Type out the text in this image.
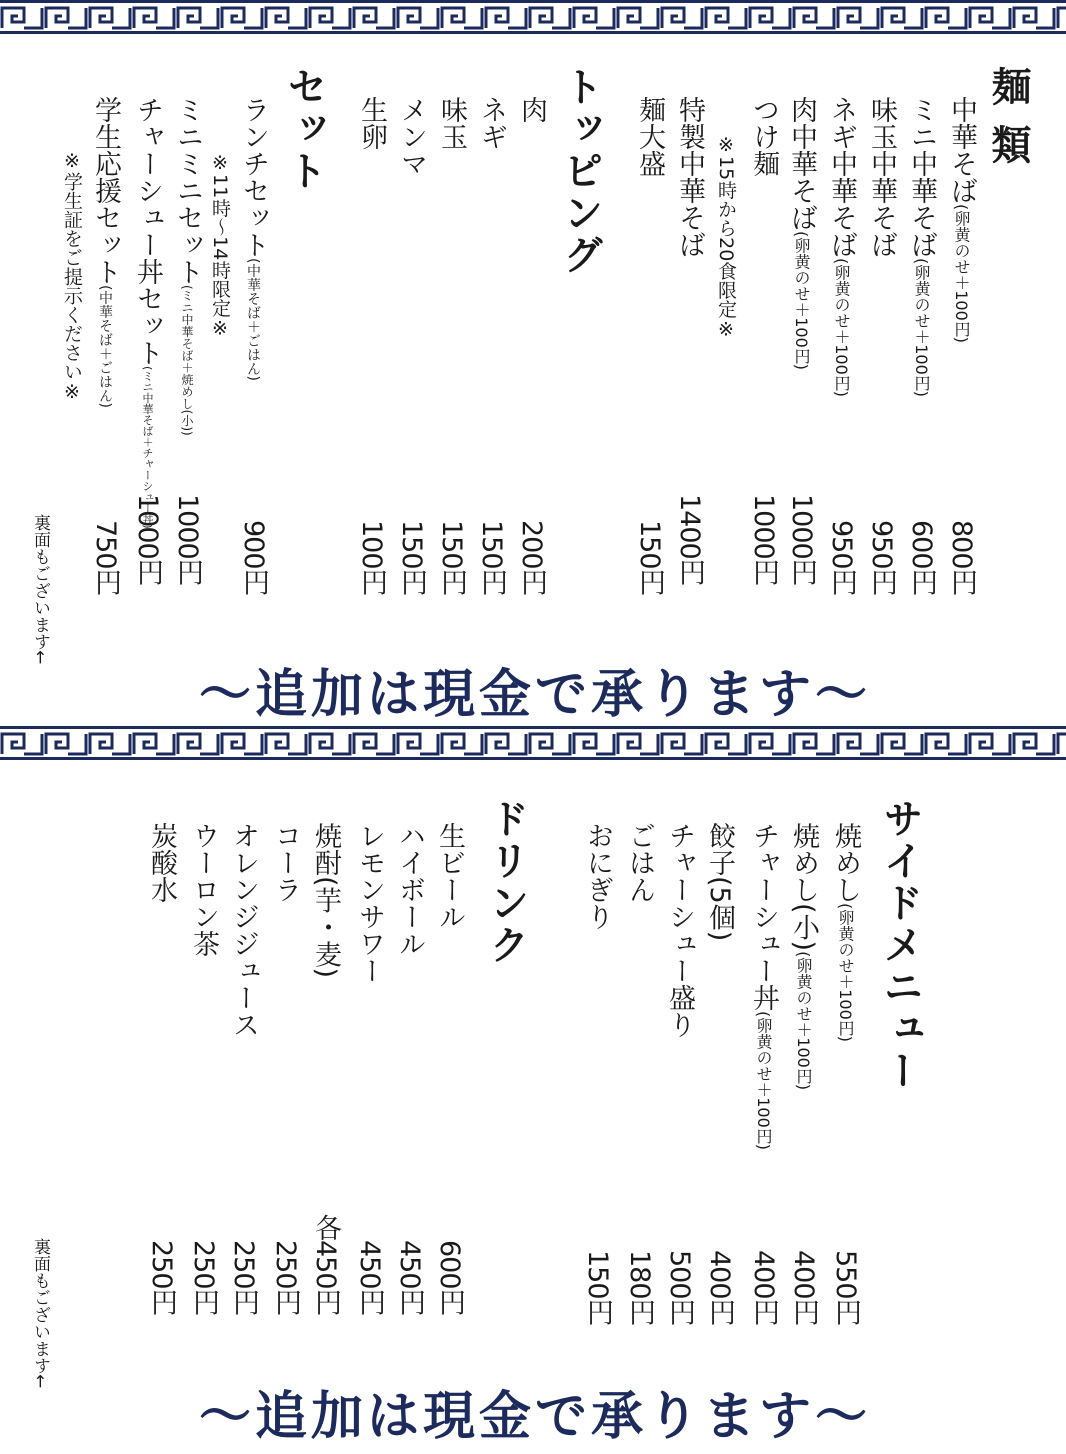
麺 類
中華そば(卵黄のせ＋100円)
ミニ中華そば(卵黄のせ＋100円)
味玉中華そば
ネギ中華そば(卵黄のせ＋100円)
肉中華そば(卵黄のせ＋100円)
つけ麺
※15時から20食限定※
特製中華そば
麺大盛
800円
600円
950円
950円
1000円
1000円
1400円
150円
トッピング
肉
ネギ
味玉
メンマ
生卵
200円
150円
150円
150円
100円
セット
ランチセット(中華そば＋ごはん)
※11時～14時限定※
ミニミニセット(ミニ中華そば＋焼めし(小))
チャーシュー丼セット(ミニ中華そば＋チャーシュー丼)
学生応援セット(中華そば＋ごはん)
※学生証をご提示ください※
900円
1000円
1000円
750円
裏面もございます←
～追加は現金で承ります～
サイドメニュー
焼めし(卵黄のせ＋100円)
焼めし(小)(卵黄のせ＋100円)
チャーシュー丼(卵黄のせ＋100円)
餃子(5個)
チャーシュー盛り
ごはん
おにぎり
550円
400円
400円
400円
500円
180円
150円
ドリンク
生ビール
ハイボール
レモンサワー
焼酎(芋・麦)
コーラ
オレンジジュース
ウーロン茶
炭酸水
600円
450円
450円
各450円
250円
250円
250円
250円
裏面もございます←
～追加は現金で承ります～
